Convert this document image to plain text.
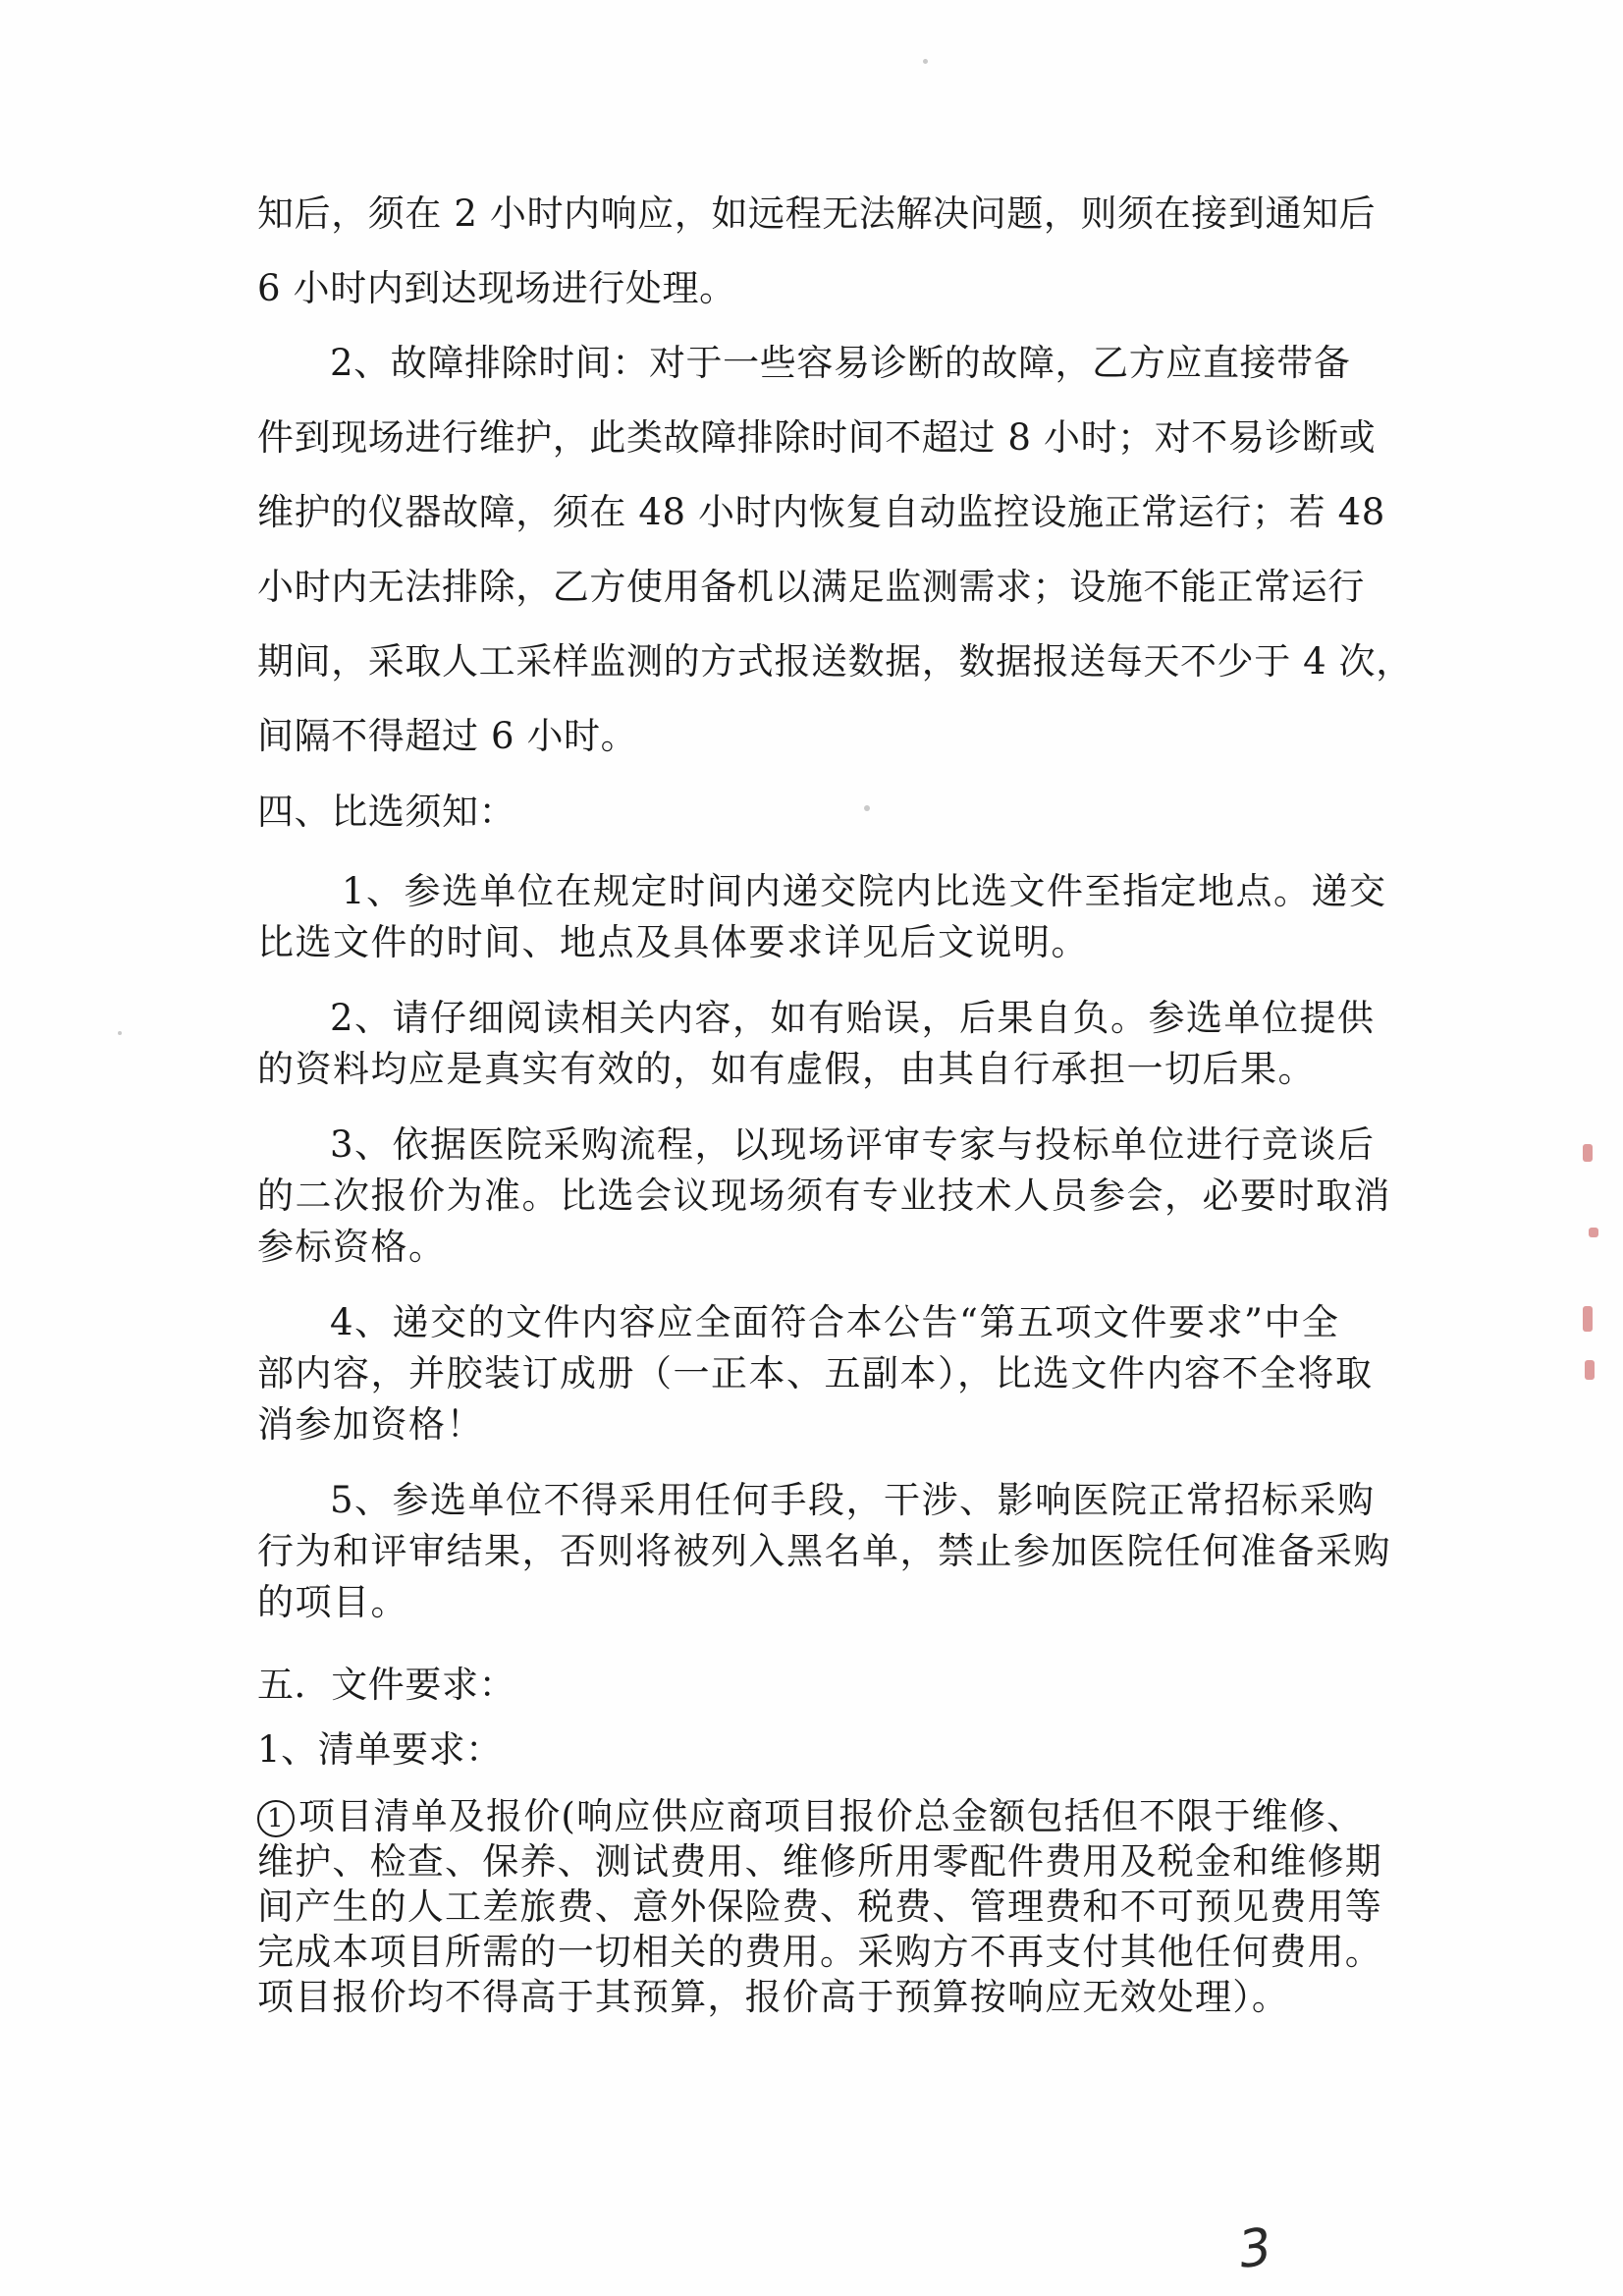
知后，须在 2 小时内响应，如远程无法解决问题，则须在接到通知后
6 小时内到达现场进行处理。
2、故障排除时间：对于一些容易诊断的故障，乙方应直接带备
件到现场进行维护，此类故障排除时间不超过 8 小时；对不易诊断或
维护的仪器故障，须在 48 小时内恢复自动监控设施正常运行；若 48
小时内无法排除，乙方使用备机以满足监测需求；设施不能正常运行
期间，采取人工采样监测的方式报送数据，数据报送每天不少于 4 次，
间隔不得超过 6 小时。
四、比选须知：
1、参选单位在规定时间内递交院内比选文件至指定地点。递交
比选文件的时间、地点及具体要求详见后文说明。
2、请仔细阅读相关内容，如有贻误，后果自负。参选单位提供
的资料均应是真实有效的，如有虚假，由其自行承担一切后果。
3、依据医院采购流程，以现场评审专家与投标单位进行竞谈后
的二次报价为准。比选会议现场须有专业技术人员参会，必要时取消
参标资格。
4、递交的文件内容应全面符合本公告“第五项文件要求”中全
部内容，并胶装订成册（一正本、五副本），比选文件内容不全将取
消参加资格！
5、参选单位不得采用任何手段，干涉、影响医院正常招标采购
行为和评审结果，否则将被列入黑名单，禁止参加医院任何准备采购
的项目。
五．文件要求：
1、清单要求：
1 项目清单及报价(响应供应商项目报价总金额包括但不限于维修、
维护、检查、保养、测试费用、维修所用零配件费用及税金和维修期
间产生的人工差旅费、意外保险费、税费、管理费和不可预见费用等
完成本项目所需的一切相关的费用。采购方不再支付其他任何费用。
项目报价均不得高于其预算，报价高于预算按响应无效处理）。
3
